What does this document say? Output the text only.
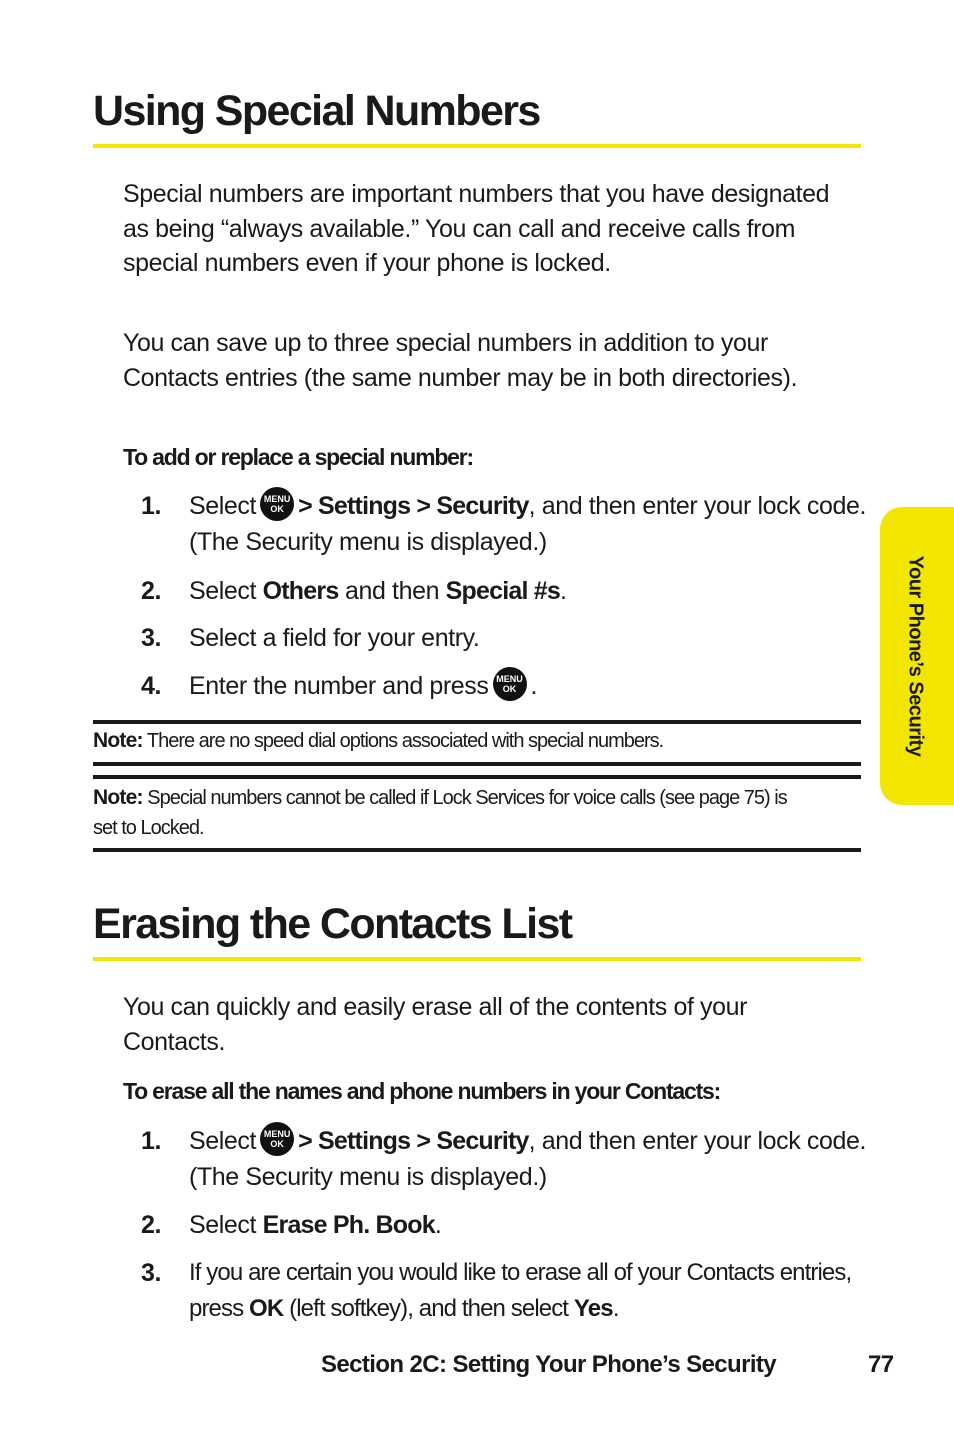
Using Special Numbers

Special numbers are important numbers that you have designated as being “always available.” You can call and receive calls from special numbers even if your phone is locked.

You can save up to three special numbers in addition to your Contacts entries (the same number may be in both directories).

To add or replace a special number:

1. Select MENU
OK > Settings > Security, and then enter your lock code. (The Security menu is displayed.)
2. Select Others and then Special #s.
3. Select a field for your entry.
4. Enter the number and press MENU
OK .

Note: There are no speed dial options associated with special numbers.

Note: Special numbers cannot be called if Lock Services for voice calls (see page 75) is set to Locked.

Erasing the Contacts List

You can quickly and easily erase all of the contents of your Contacts.

To erase all the names and phone numbers in your Contacts:

1. Select MENU
OK > Settings > Security, and then enter your lock code. (The Security menu is displayed.)
2. Select Erase Ph. Book.
3. If you are certain you would like to erase all of your Contacts entries, press OK (left softkey), and then select Yes.
Your Phone’s Security
Section 2C: Setting Your Phone’s Security	77
